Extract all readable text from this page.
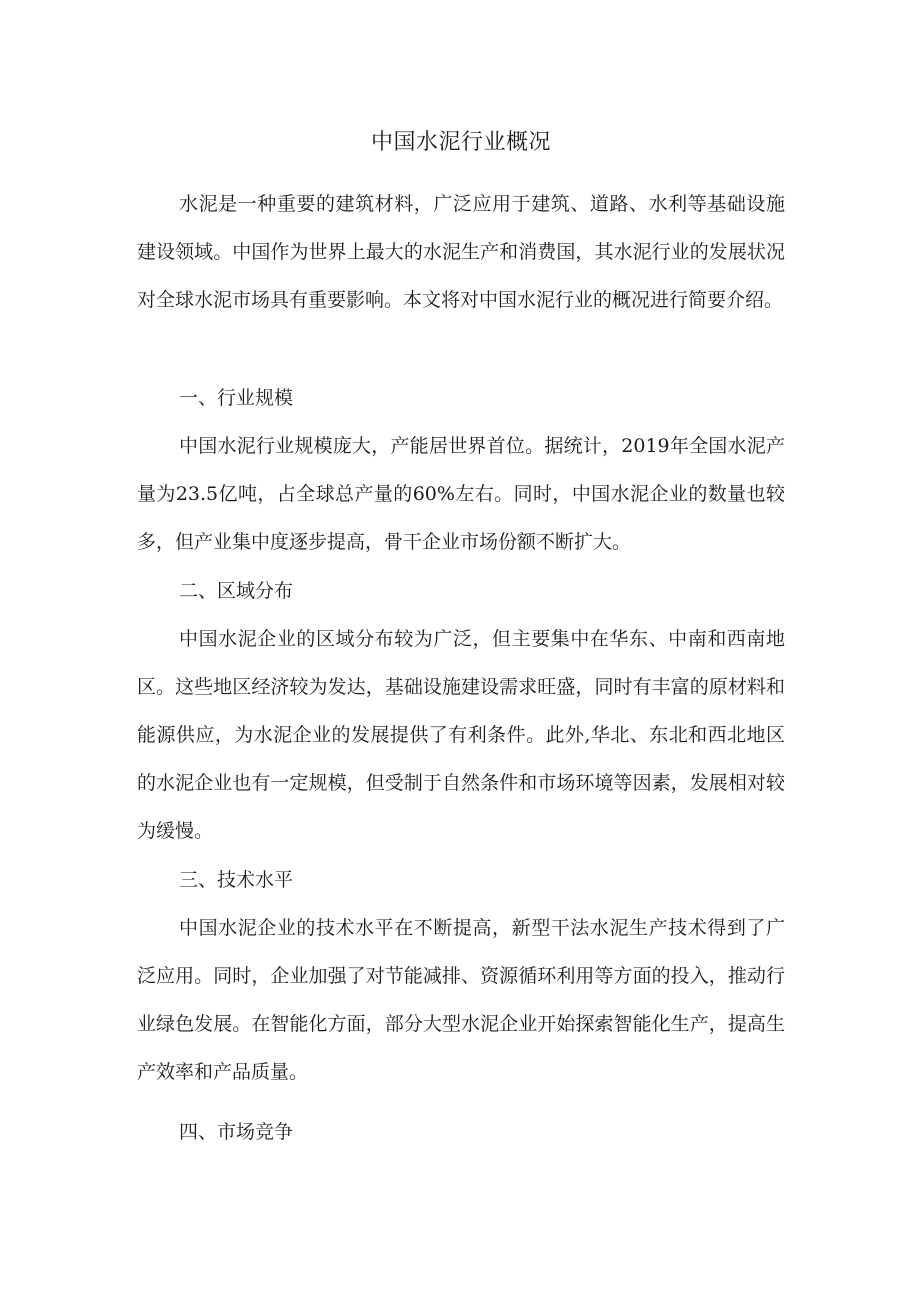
中国水泥行业概况

水泥是一种重要的建筑材料，广泛应用于建筑、道路、水利等基础设施建设领域。中国作为世界上最大的水泥生产和消费国，其水泥行业的发展状况对全球水泥市场具有重要影响。本文将对中国水泥行业的概况进行简要介绍。

一、行业规模

中国水泥行业规模庞大，产能居世界首位。据统计，2019年全国水泥产量为23.5亿吨，占全球总产量的60%左右。同时，中国水泥企业的数量也较多，但产业集中度逐步提高，骨干企业市场份额不断扩大。

二、区域分布

中国水泥企业的区域分布较为广泛，但主要集中在华东、中南和西南地区。这些地区经济较为发达，基础设施建设需求旺盛，同时有丰富的原材料和能源供应，为水泥企业的发展提供了有利条件。此外,华北、东北和西北地区的水泥企业也有一定规模，但受制于自然条件和市场环境等因素，发展相对较为缓慢。

三、技术水平

中国水泥企业的技术水平在不断提高，新型干法水泥生产技术得到了广泛应用。同时，企业加强了对节能减排、资源循环利用等方面的投入，推动行业绿色发展。在智能化方面，部分大型水泥企业开始探索智能化生产，提高生产效率和产品质量。

四、市场竞争
